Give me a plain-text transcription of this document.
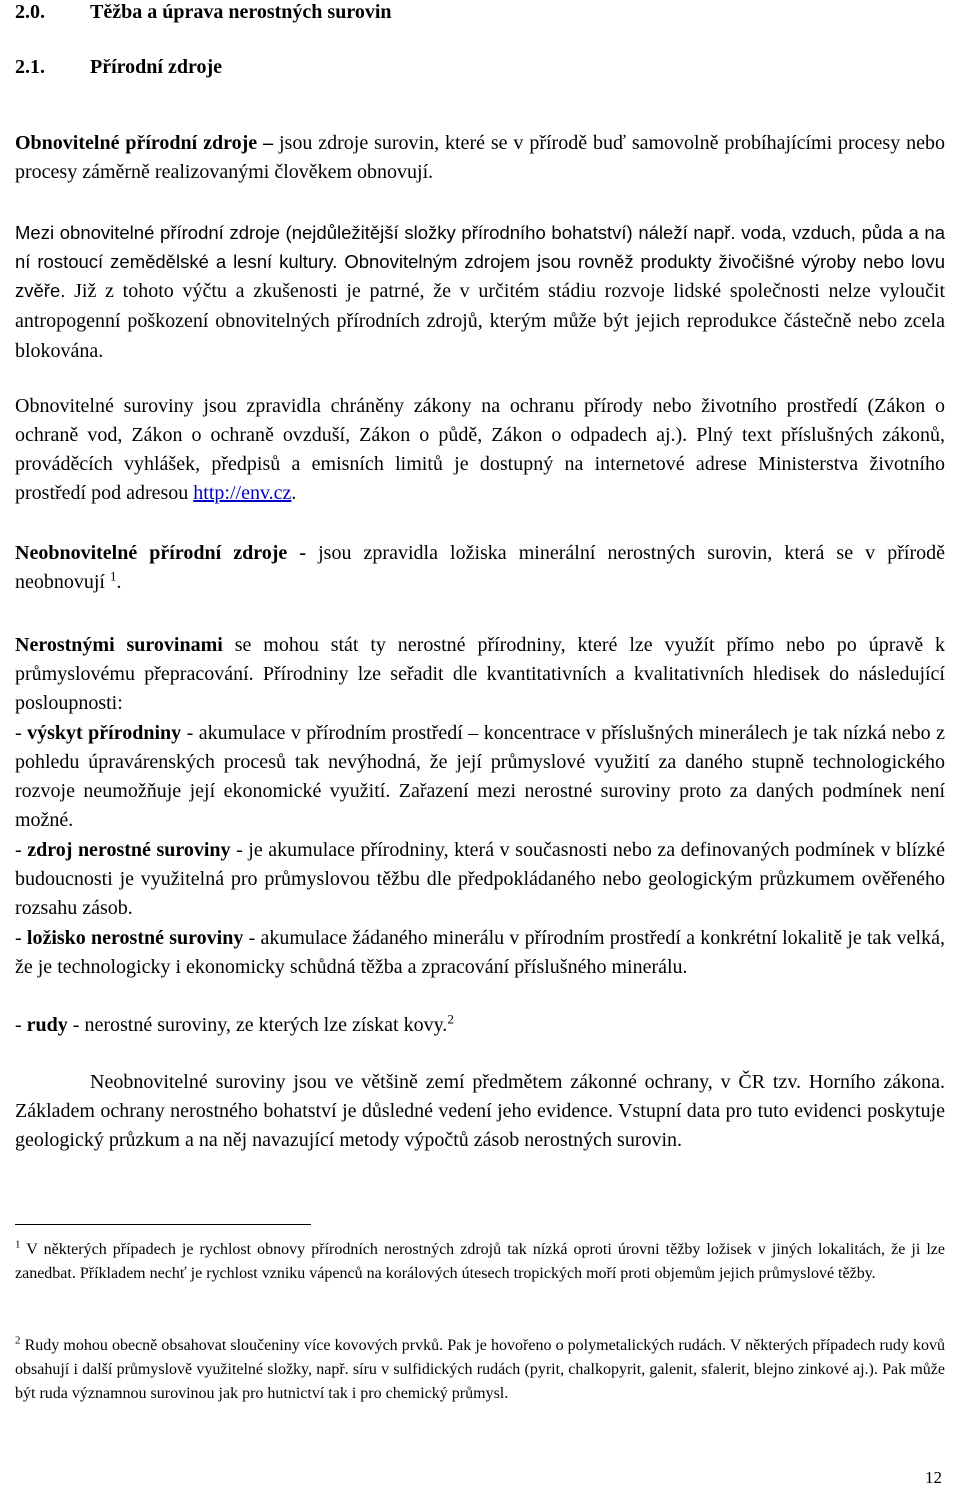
2.0. Těžba a úprava nerostných surovin
2.1. Přírodní zdroje
Obnovitelné přírodní zdroje – jsou zdroje surovin, které se v přírodě buď samovolně probíhajícími procesy nebo procesy záměrně realizovanými člověkem obnovují.
Mezi obnovitelné přírodní zdroje (nejdůležitější složky přírodního bohatství) náleží např. voda, vzduch, půda a na ní rostoucí zemědělské a lesní kultury. Obnovitelným zdrojem jsou rovněž produkty živočišné výroby nebo lovu zvěře. Již z tohoto výčtu a zkušenosti je patrné, že v určitém stádiu rozvoje lidské společnosti nelze vyloučit antropogenní poškození obnovitelných přírodních zdrojů, kterým může být jejich reprodukce částečně nebo zcela blokována.
Obnovitelné suroviny jsou zpravidla chráněny zákony na ochranu přírody nebo životního prostředí (Zákon o ochraně vod, Zákon o ochraně ovzduší, Zákon o půdě, Zákon o odpadech aj.). Plný text příslušných zákonů, prováděcích vyhlášek, předpisů a emisních limitů je dostupný na internetové adrese Ministerstva životního prostředí pod adresou http://env.cz.
Neobnovitelné přírodní zdroje - jsou zpravidla ložiska minerální nerostných surovin, která se v přírodě neobnovují $^1$.
Nerostnými surovinami se mohou stát ty nerostné přírodniny, které lze využít přímo nebo po úpravě k průmyslovému přepracování. Přírodniny lze seřadit dle kvantitativních a kvalitativních hledisek do následující posloupnosti:
- výskyt přírodniny - akumulace v přírodním prostředí – koncentrace v příslušných minerálech je tak nízká nebo z pohledu úpravárenských procesů tak nevýhodná, že její průmyslové využití za daného stupně technologického rozvoje neumožňuje její ekonomické využití. Zařazení mezi nerostné suroviny proto za daných podmínek není možné.
- zdroj nerostné suroviny - je akumulace přírodniny, která v současnosti nebo za definovaných podmínek v blízké budoucnosti je využitelná pro průmyslovou těžbu dle předpokládaného nebo geologickým průzkumem ověřeného rozsahu zásob.
- ložisko nerostné suroviny - akumulace žádaného minerálu v přírodním prostředí a konkrétní lokalitě je tak velká, že je technologicky i ekonomicky schůdná těžba a zpracování příslušného minerálu.
- rudy - nerostné suroviny, ze kterých lze získat kovy.$^2$
Neobnovitelné suroviny jsou ve většině zemí předmětem zákonné ochrany, v ČR tzv. Horního zákona. Základem ochrany nerostného bohatství je důsledné vedení jeho evidence. Vstupní data pro tuto evidenci poskytuje geologický průzkum a na něj navazující metody výpočtů zásob nerostných surovin.
$^1$ V některých případech je rychlost obnovy přírodních nerostných zdrojů tak nízká oproti úrovni těžby ložisek v jiných lokalitách, že ji lze zanedbat. Příkladem nechť je rychlost vzniku vápenců na korálových útesech tropických moří proti objemům jejich průmyslové těžby.
$^2$ Rudy mohou obecně obsahovat sloučeniny více kovových prvků. Pak je hovořeno o polymetalických rudách. V některých případech rudy kovů obsahují i další průmyslově využitelné složky, např. síru v sulfidických rudách (pyrit, chalkopyrit, galenit, sfalerit, blejno zinkové aj.). Pak může být ruda významnou surovinou jak pro hutnictví tak i pro chemický průmysl.
12
